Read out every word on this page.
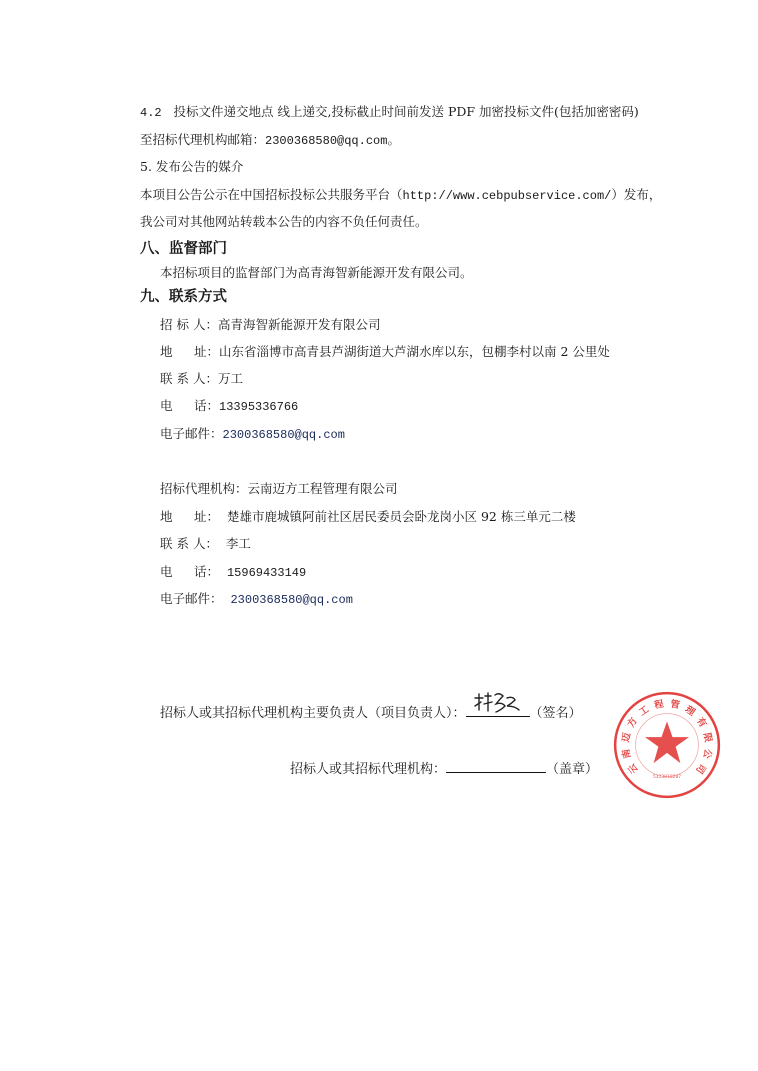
4.2 投标文件递交地点 线上递交,投标截止时间前发送 PDF 加密投标文件(包括加密密码)
至招标代理机构邮箱：2300368580@qq.com。
5. 发布公告的媒介
本项目公告公示在中国招标投标公共服务平台（http://www.cebpubservice.com/）发布，
我公司对其他网站转载本公告的内容不负任何责任。
八、监督部门
本招标项目的监督部门为高青海智新能源开发有限公司。
九、联系方式
招 标 人：高青海智新能源开发有限公司
地 址：山东省淄博市高青县芦湖街道大芦湖水库以东，包棚李村以南 2 公里处
联 系 人：万工
电 话：13395336766
电子邮件：2300368580@qq.com
招标代理机构：云南迈方工程管理有限公司
地 址： 楚雄市鹿城镇阿前社区居民委员会卧龙岗小区 92 栋三单元二楼
联 系 人： 李工
电 话： 15969433149
电子邮件： 2300368580@qq.com
招标人或其招标代理机构主要负责人（项目负责人）：	（签名）
招标人或其招标代理机构：	（盖章） 云
南
迈
方
工 程 管 理
有
限
公
司
5323010207
